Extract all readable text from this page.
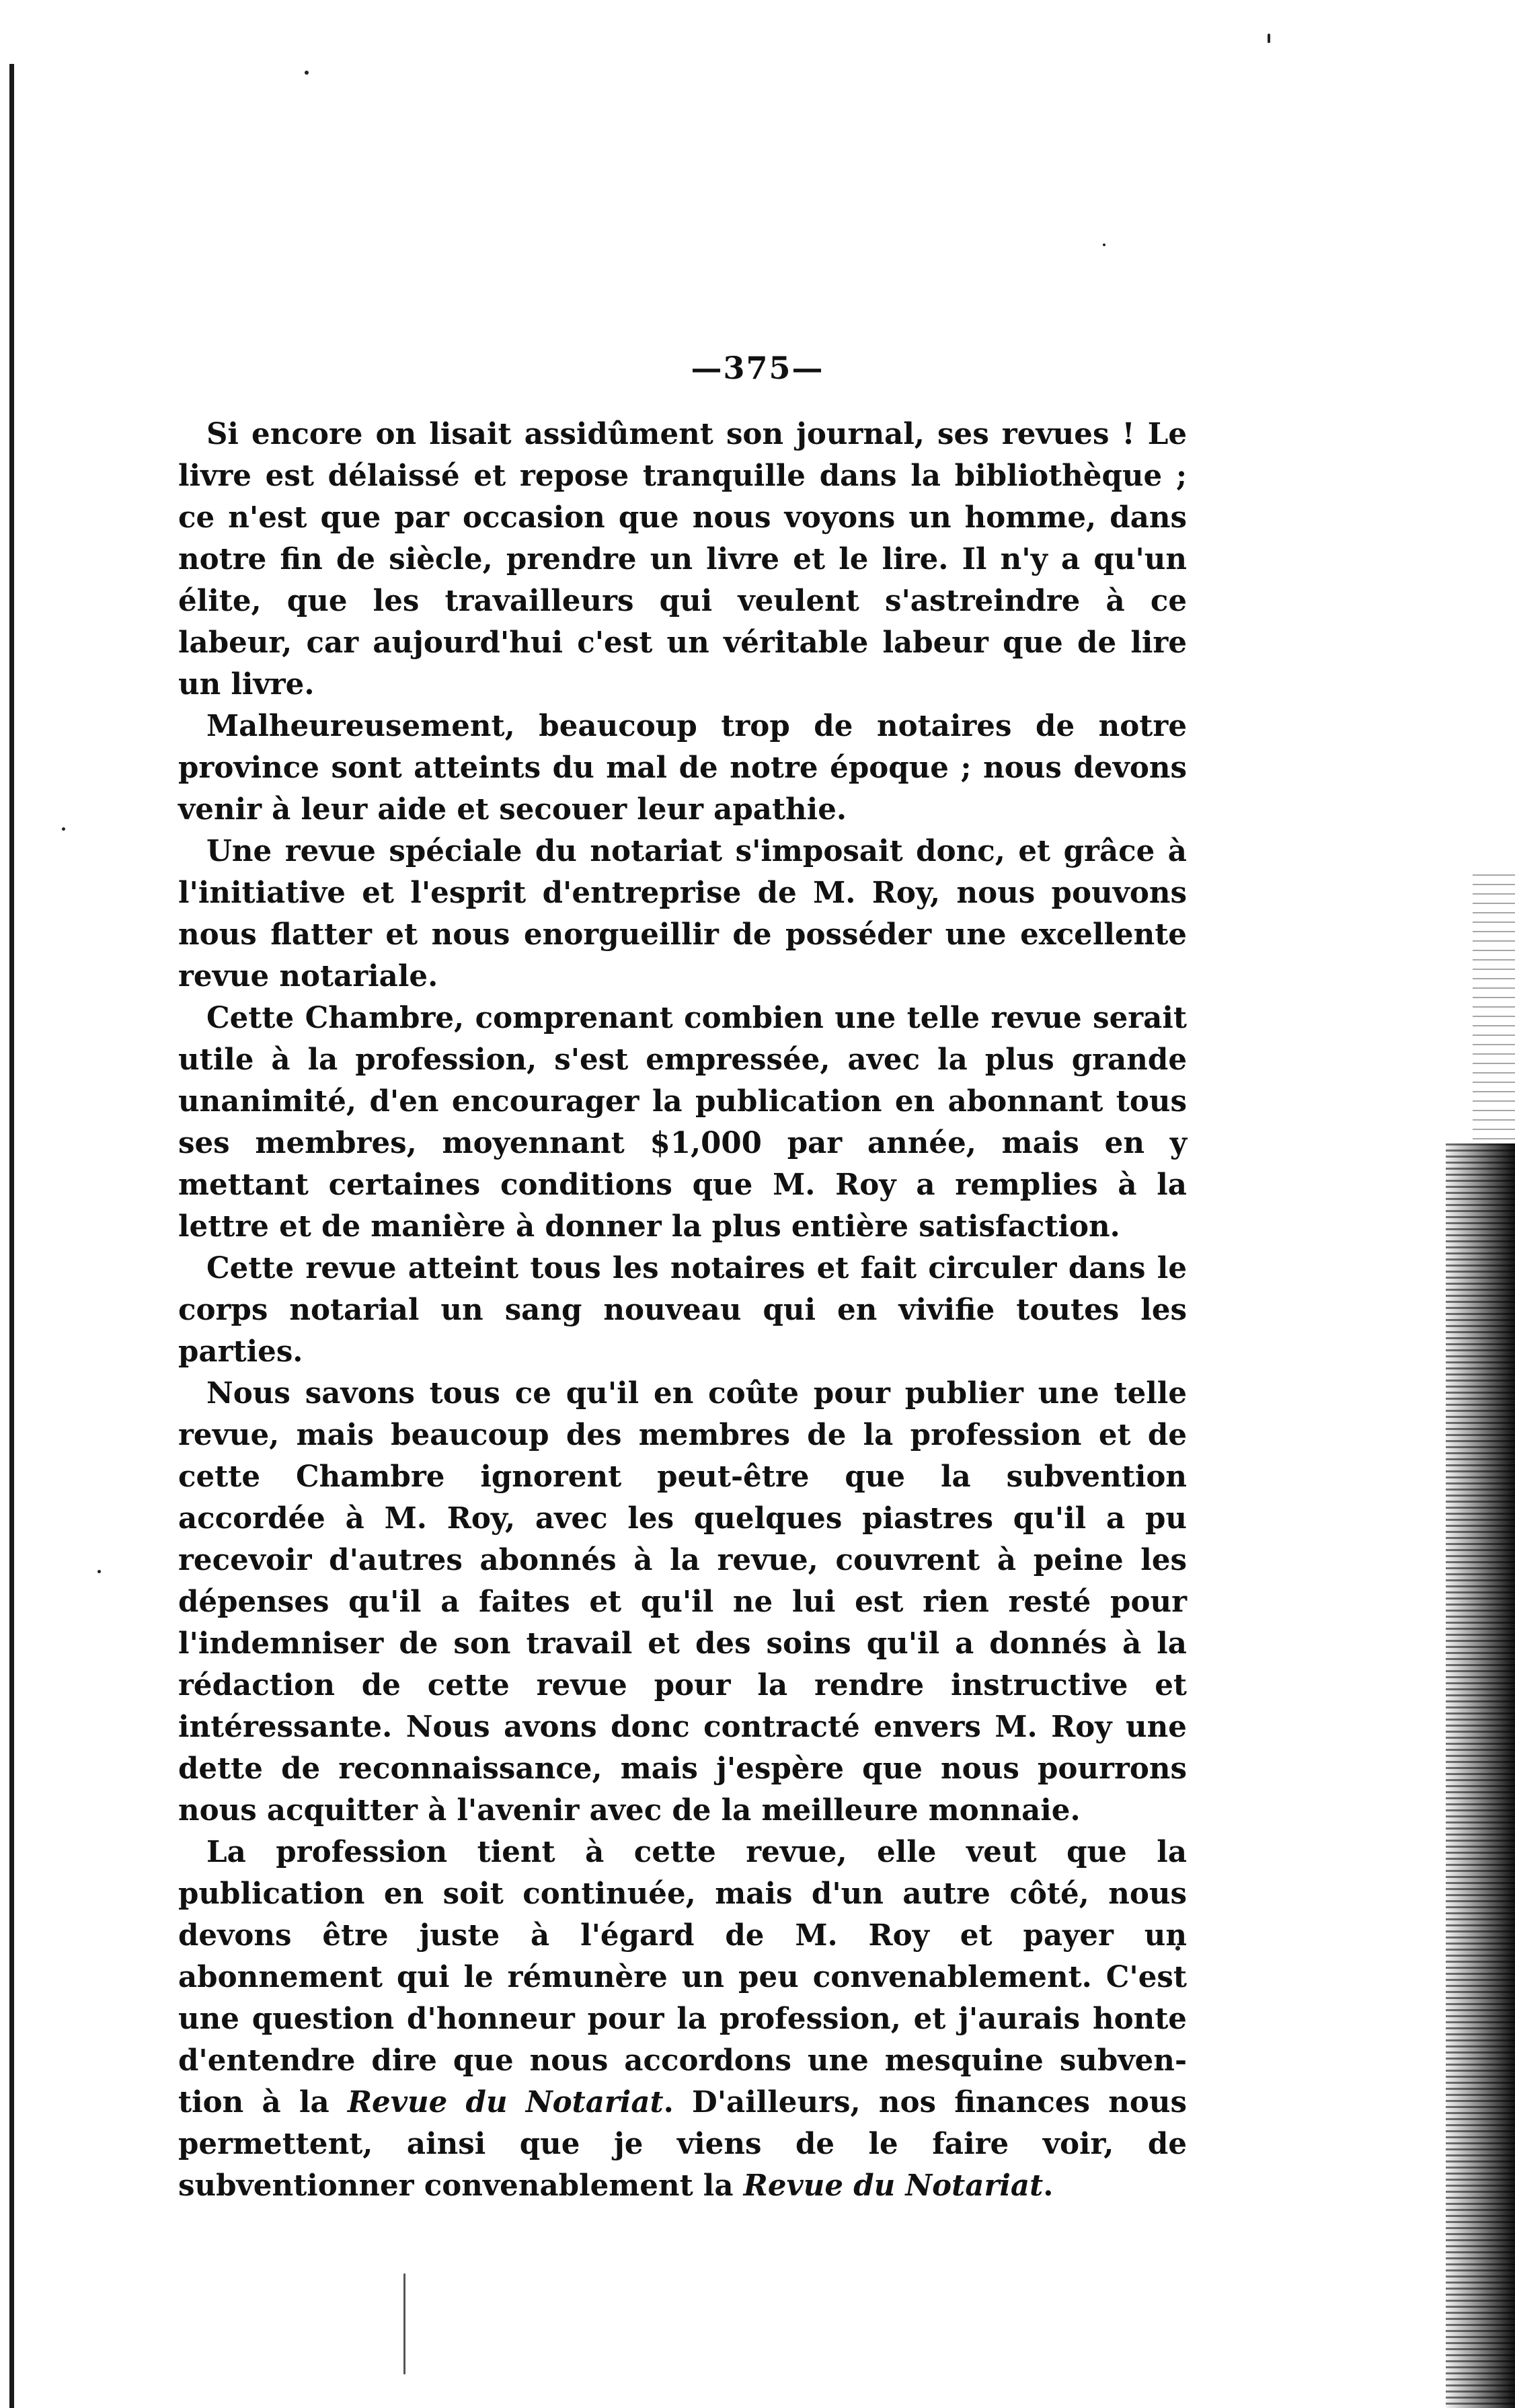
—375—

Si encore on lisait assidûment son journal, ses revues ! Le livre est délaissé et repose tranquille dans la bibliothèque ; ce n'est que par occasion que nous voyons un homme, dans notre fin de siècle, prendre un livre et le lire. Il n'y a qu'un élite, que les travailleurs qui veulent s'astreindre à ce labeur, car aujourd'hui c'est un véritable labeur que de lire un livre.

Malheureusement, beaucoup trop de notaires de notre province sont atteints du mal de notre époque ; nous devons venir à leur aide et secouer leur apathie.

Une revue spéciale du notariat s'imposait donc, et grâce à l'initiative et l'esprit d'entreprise de M. Roy, nous pouvons nous flatter et nous enorgueillir de posséder une excellente revue notariale.

Cette Chambre, comprenant combien une telle revue serait utile à la profession, s'est empressée, avec la plus grande unanimité, d'en encourager la publication en abonnant tous ses membres, moyennant $1,000 par année, mais en y mettant certaines conditions que M. Roy a remplies à la lettre et de manière à donner la plus entière satisfaction.

Cette revue atteint tous les notaires et fait circuler dans le corps notarial un sang nouveau qui en vivifie toutes les parties.

Nous savons tous ce qu'il en coûte pour publier une telle revue, mais beaucoup des membres de la profession et de cette Chambre ignorent peut-être que la subvention accordée à M. Roy, avec les quelques piastres qu'il a pu recevoir d'autres abonnés à la revue, couvrent à peine les dépenses qu'il a faites et qu'il ne lui est rien resté pour l'indemniser de son travail et des soins qu'il a donnés à la rédaction de cette revue pour la rendre instructive et intéressante. Nous avons donc contracté envers M. Roy une dette de reconnaissance, mais j'espère que nous pourrons nous acquitter à l'avenir avec de la meilleure monnaie.

La profession tient à cette revue, elle veut que la publication en soit continuée, mais d'un autre côté, nous devons être juste à l'égard de M. Roy et payer un abonnement qui le rémunère un peu convenablement. C'est une question d'honneur pour la profession, et j'aurais honte d'entendre dire que nous accordons une mesquine subvention à la Revue du Notariat. D'ailleurs, nos finances nous permettent, ainsi que je viens de le faire voir, de subventionner convenablement la Revue du Notariat.
